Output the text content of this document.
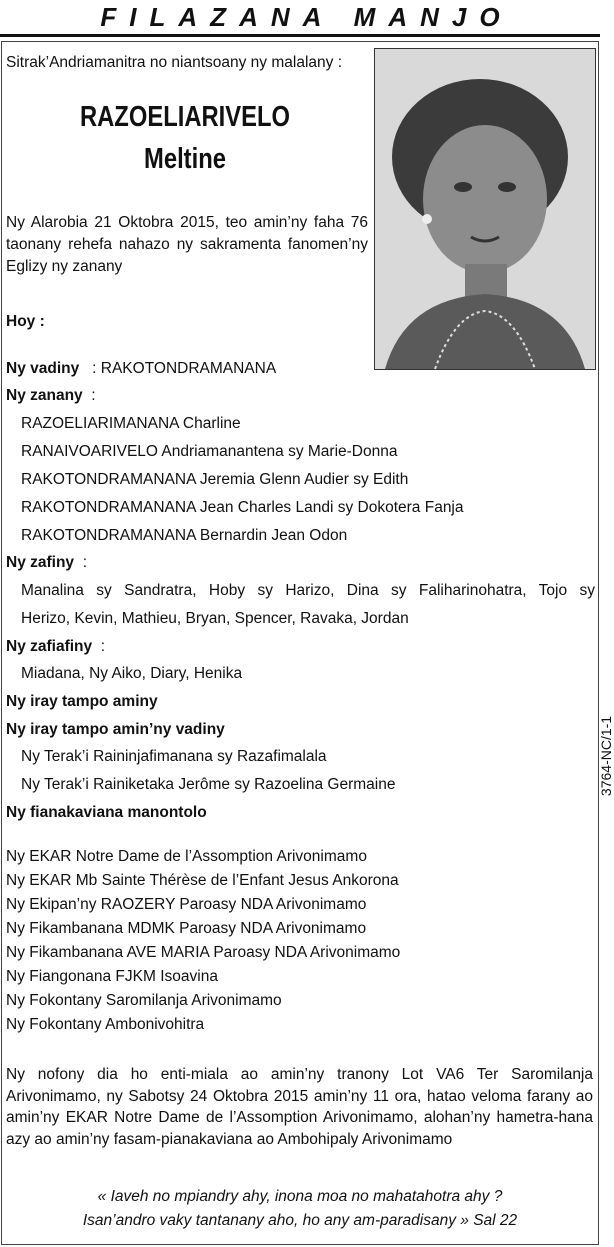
FILAZANA MANJO
Sitrak’Andriamanitra no niantsoany ny malalany :
RAZOELIARIVELO
Meltine
Ny Alarobia 21 Oktobra 2015, teo amin’ny faha 76 taonany rehefa nahazo ny sakramenta fanomen’ny Eglizy ny zanany
Hoy :
Ny vadiny : RAKOTONDRAMANANA
Ny zanany :
RAZOELIARIMANANA Charline
RANAIVOARIVELO Andriamanantena sy Marie-Donna
RAKOTONDRAMANANA Jeremia Glenn Audier sy Edith
RAKOTONDRAMANANA Jean Charles Landi sy Dokotera Fanja
RAKOTONDRAMANANA Bernardin Jean Odon
Ny zafiny :
Manalina sy Sandratra, Hoby sy Harizo, Dina sy Faliharinohatra, Tojo sy
Herizo, Kevin, Mathieu, Bryan, Spencer, Ravaka, Jordan
Ny zafiafiny :
Miadana, Ny Aiko, Diary, Henika
Ny iray tampo aminy
Ny iray tampo amin’ny vadiny
Ny Terak’i Raininjafimanana sy Razafimalala
Ny Terak’i Rainiketaka Jerôme sy Razoelina Germaine
Ny fianakaviana manontolo
Ny EKAR Notre Dame de l’Assomption Arivonimamo
Ny EKAR Mb Sainte Thérèse de l’Enfant Jesus Ankorona
Ny Ekipan’ny RAOZERY Paroasy NDA Arivonimamo
Ny Fikambanana MDMK Paroasy NDA Arivonimamo
Ny Fikambanana AVE MARIA Paroasy NDA Arivonimamo
Ny Fiangonana FJKM Isoavina
Ny Fokontany Saromilanja Arivonimamo
Ny Fokontany Ambonivohitra
Ny nofony dia ho enti-miala ao amin’ny tranony Lot VA6 Ter Saromilanja Arivonimamo, ny Sabotsy 24 Oktobra 2015 amin’ny 11 ora, hatao veloma farany ao amin’ny EKAR Notre Dame de l’Assomption Arivonimamo, alohan’ny hametra-hana azy ao amin’ny fasam-pianakaviana ao Ambohipaly Arivonimamo
« Iaveh no mpiandry ahy, inona moa no mahatahotra ahy ?
Isan’andro vaky tantanany aho, ho any am-paradisany » Sal 22
3764-NC/1-1
